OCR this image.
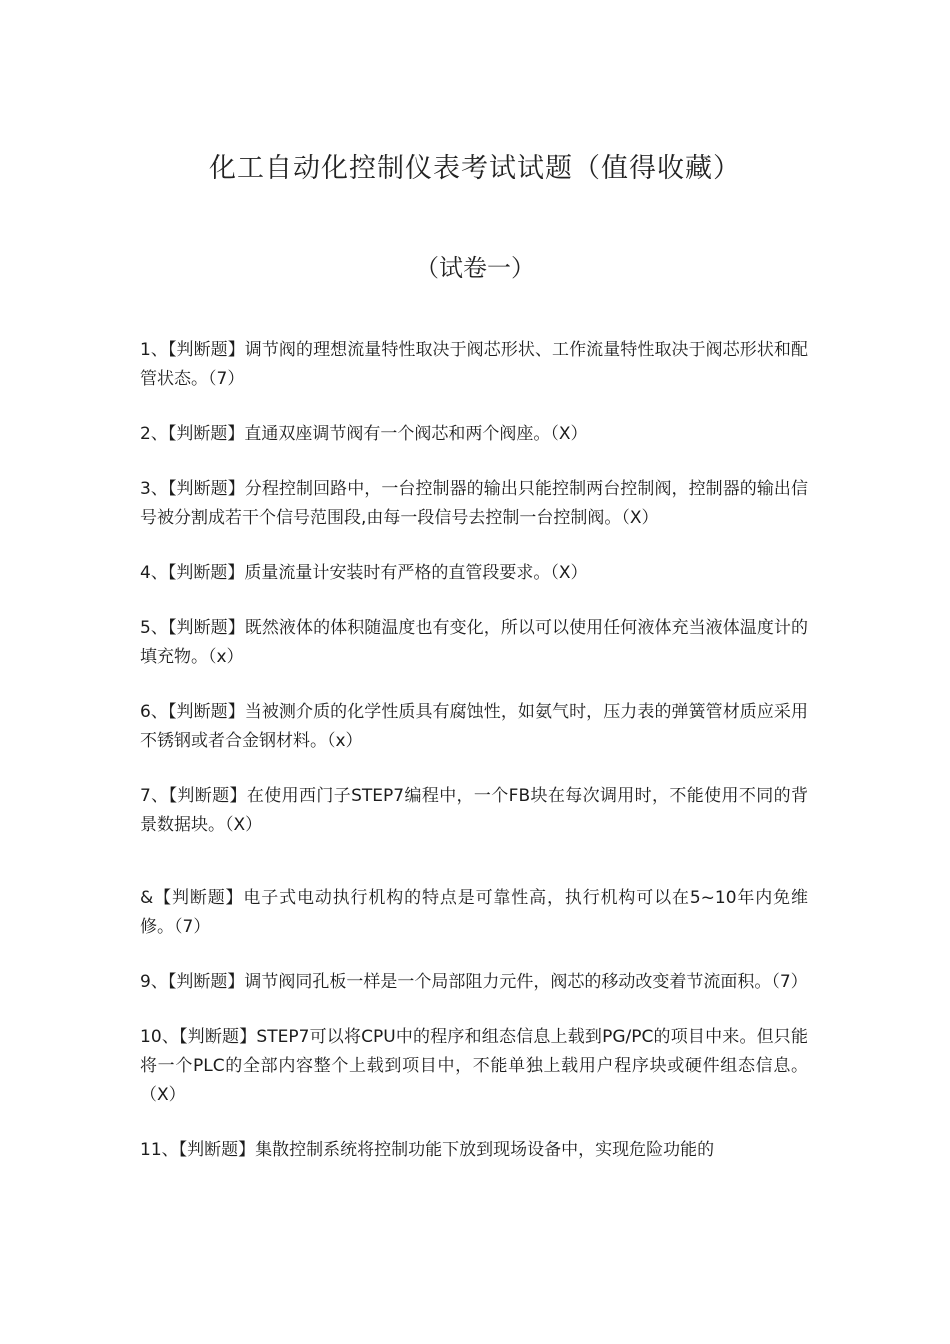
化工自动化控制仪表考试试题（值得收藏）
（试卷一）

1、【判断题】调节阀的理想流量特性取决于阀芯形状、工作流量特性取决于阀芯形状和配管状态。（7）

2、【判断题】直通双座调节阀有一个阀芯和两个阀座。（X）

3、【判断题】分程控制回路中，一台控制器的输出只能控制两台控制阀，控制器的输出信号被分割成若干个信号范围段,由每一段信号去控制一台控制阀。（X）

4、【判断题】质量流量计安装时有严格的直管段要求。（X）

5、【判断题】既然液体的体积随温度也有变化，所以可以使用任何液体充当液体温度计的填充物。（x）

6、【判断题】当被测介质的化学性质具有腐蚀性，如氨气时，压力表的弹簧管材质应采用不锈钢或者合金钢材料。（x）

7、【判断题】在使用西门子STEP7编程中，一个FB块在每次调用时，不能使用不同的背景数据块。（X）

&【判断题】电子式电动执行机构的特点是可靠性高，执行机构可以在5~10年内免维修。（7）

9、【判断题】调节阀同孔板一样是一个局部阻力元件，阀芯的移动改变着节流面积。（7）

10、【判断题】STEP7可以将CPU中的程序和组态信息上载到PG/PC的项目中来。但只能将一个PLC的全部内容整个上载到项目中，不能单独上载用户程序块或硬件组态信息。（X）

11、【判断题】集散控制系统将控制功能下放到现场设备中，实现危险功能的
